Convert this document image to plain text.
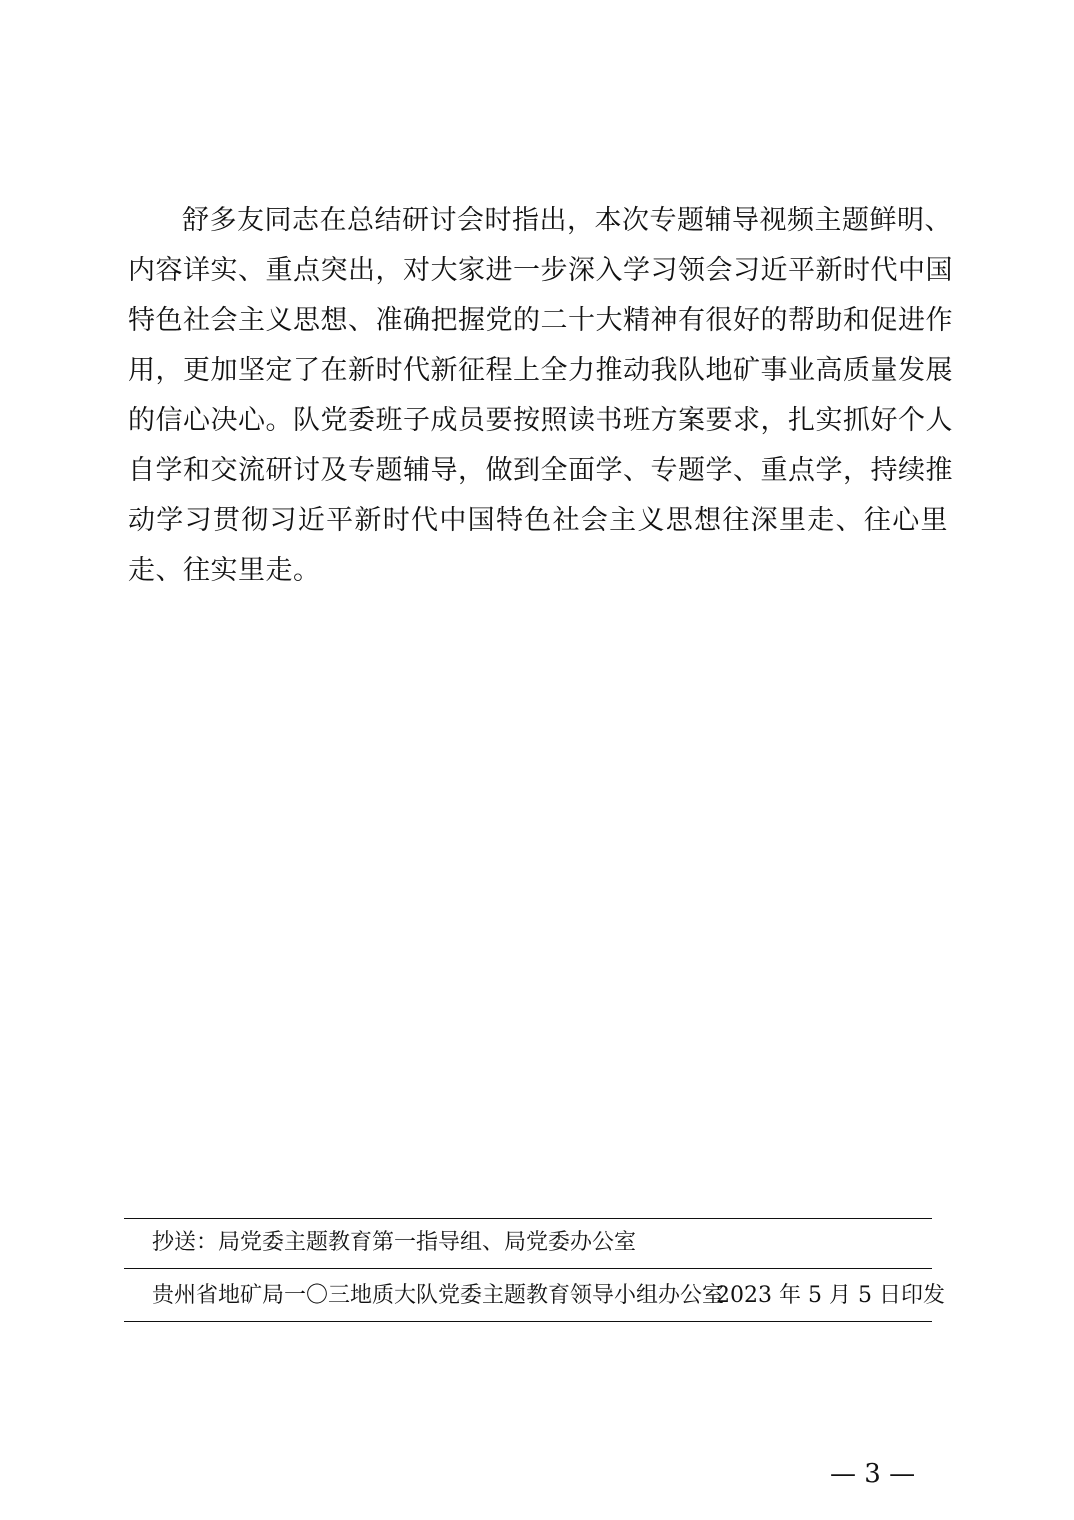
舒多友同志在总结研讨会时指出，本次专题辅导视频主题鲜明、
内容详实、重点突出，对大家进一步深入学习领会习近平新时代中国
特色社会主义思想、准确把握党的二十大精神有很好的帮助和促进作
用，更加坚定了在新时代新征程上全力推动我队地矿事业高质量发展
的信心决心。队党委班子成员要按照读书班方案要求，扎实抓好个人
自学和交流研讨及专题辅导，做到全面学、专题学、重点学，持续推
动学习贯彻习近平新时代中国特色社会主义思想往深里走、往心里
走、往实里走。
抄送：局党委主题教育第一指导组、局党委办公室
贵州省地矿局一〇三地质大队党委主题教育领导小组办公室
2023 年 5 月 5 日印发
— 3 —
